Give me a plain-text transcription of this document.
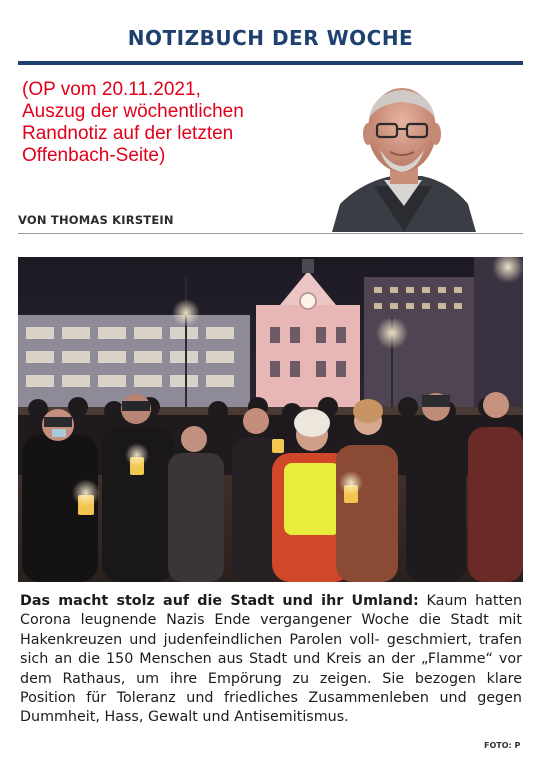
NOTIZBUCH DER WOCHE
(OP vom 20.11.2021,
Auszug der wöchentlichen
Randnotiz auf der letzten
Offenbach-Seite)
VON THOMAS KIRSTEIN
Das macht stolz auf die Stadt und ihr Umland: Kaum hatten Corona leugnende Nazis Ende vergangener Woche die Stadt mit Hakenkreuzen und judenfeindlichen Parolen voll- geschmiert, trafen sich an die 150 Menschen aus Stadt und Kreis an der „Flamme“ vor dem Rathaus, um ihre Empörung zu zeigen. Sie bezogen klare Position für Toleranz und friedliches Zusammenleben und gegen Dummheit, Hass, Gewalt und Antisemitismus.
FOTO: P
